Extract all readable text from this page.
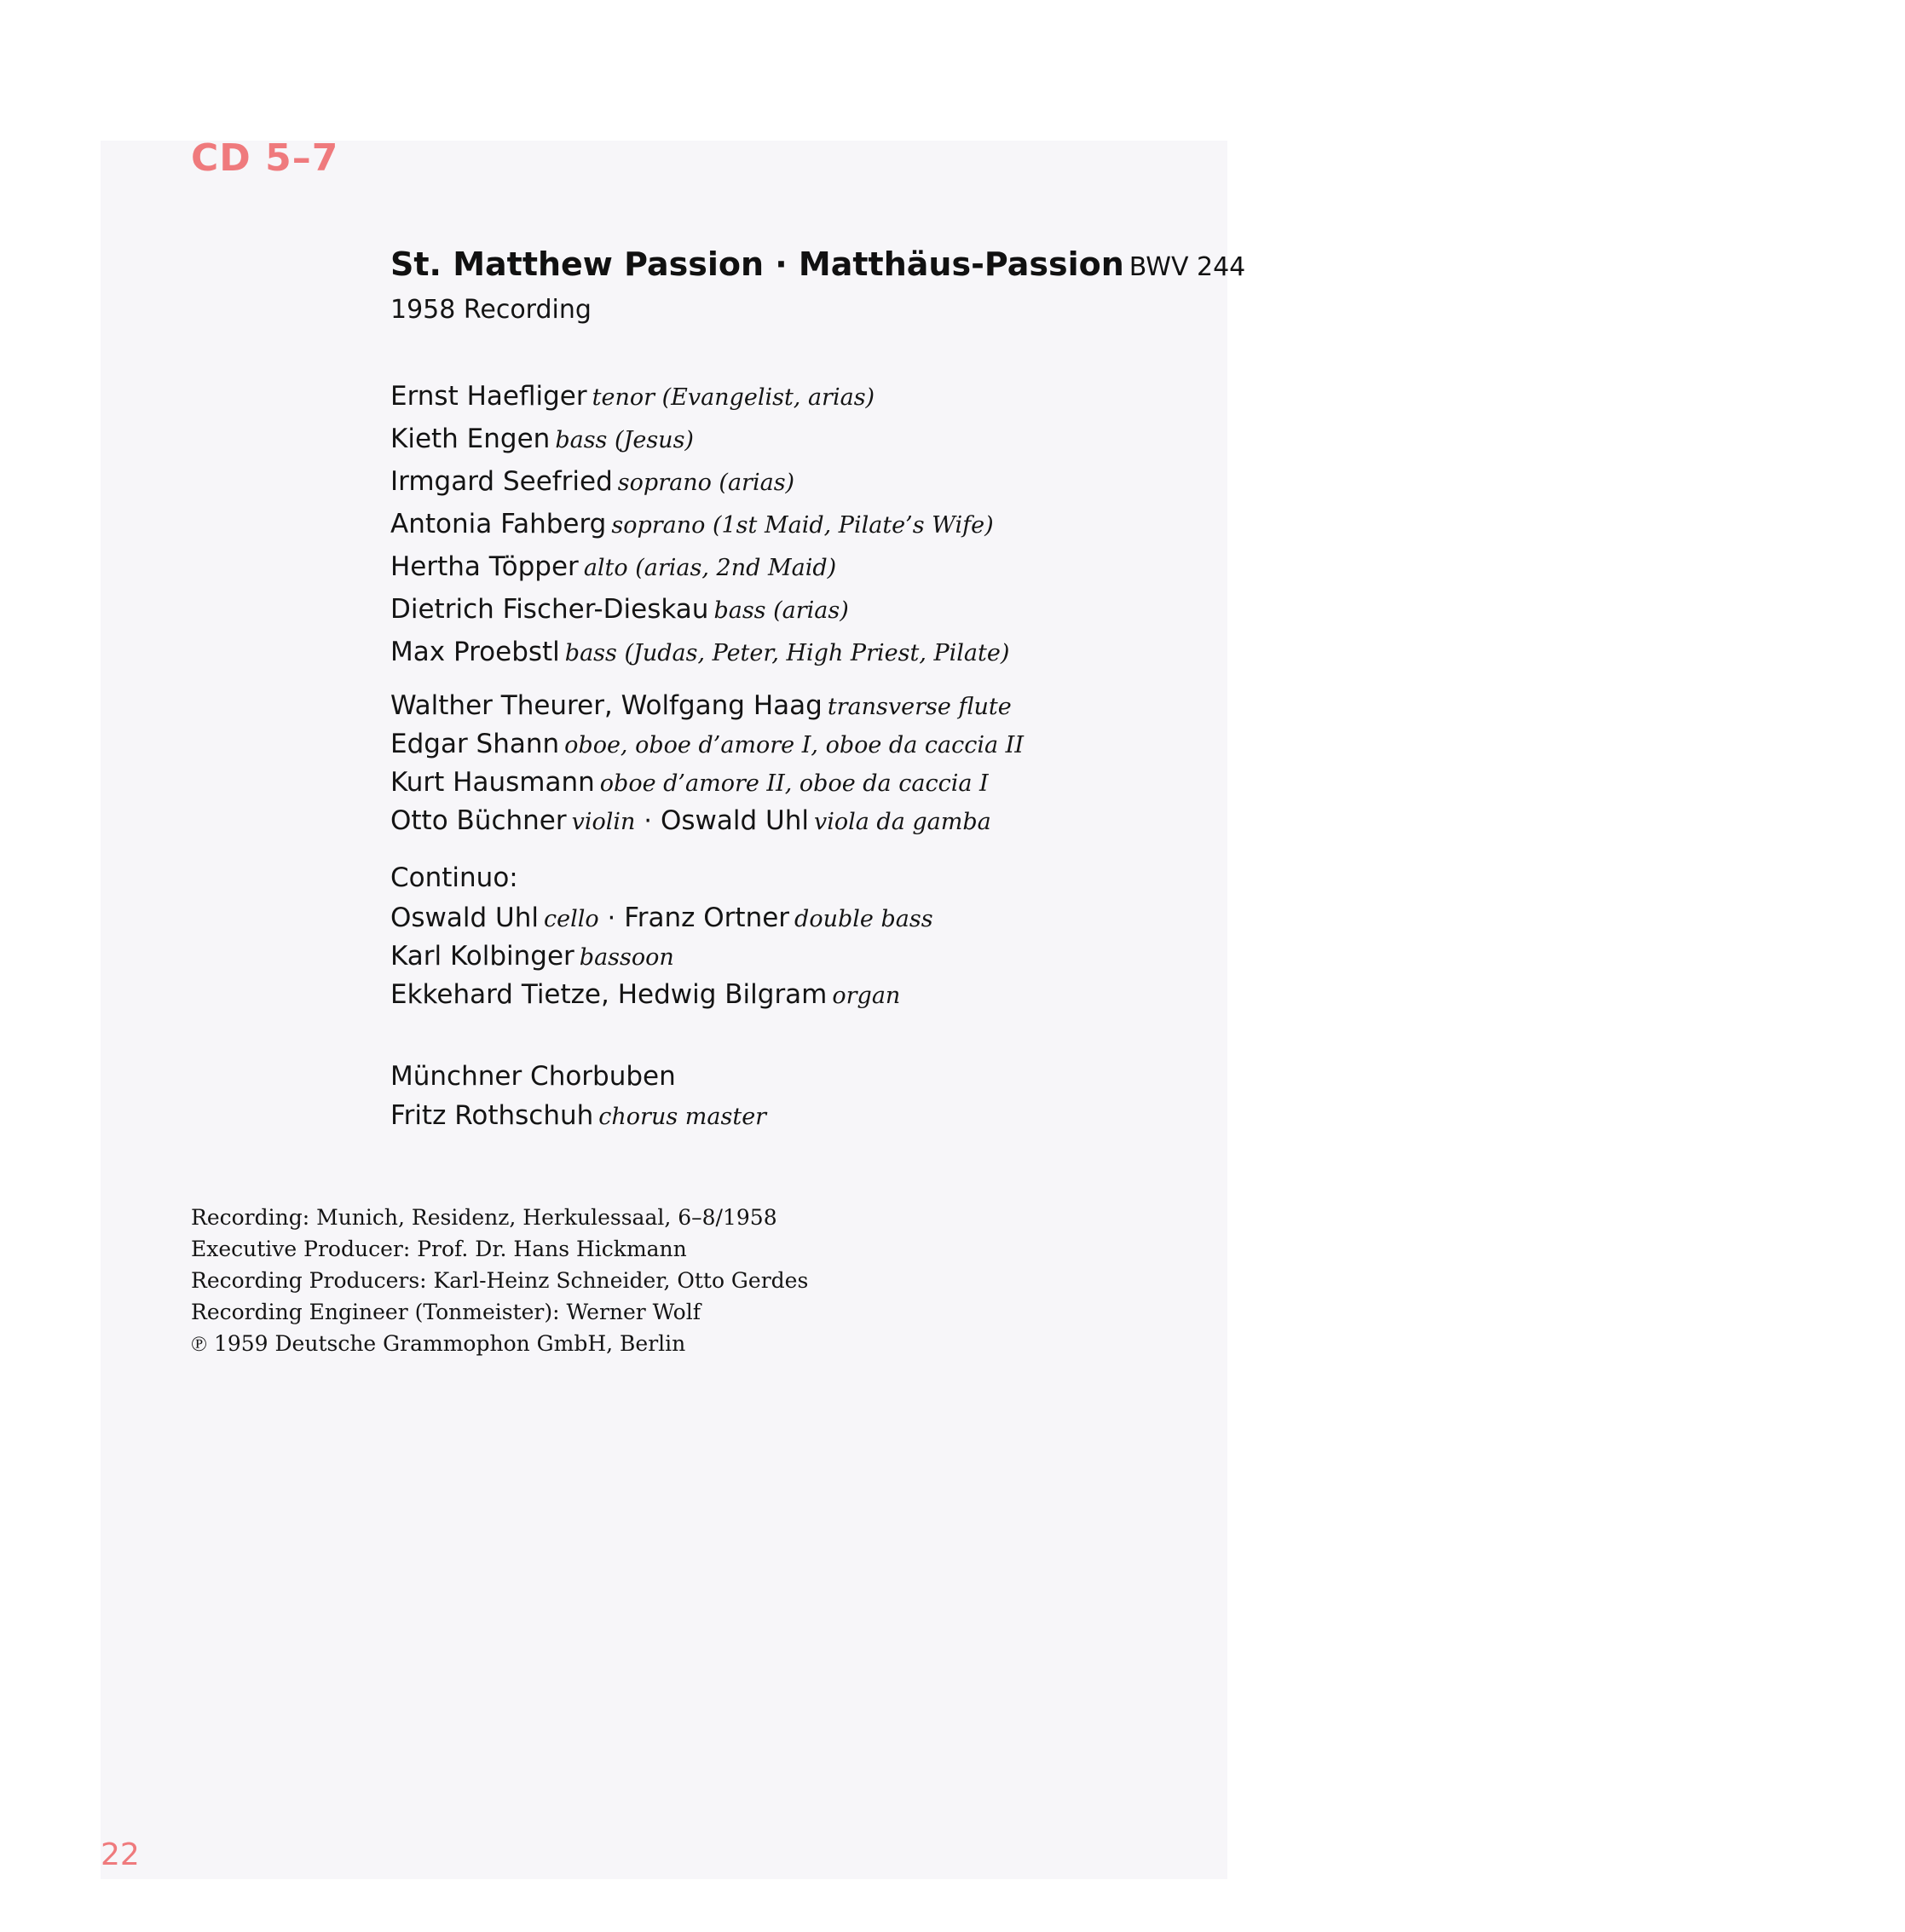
CD 5–7
St. Matthew Passion · Matthäus-Passion BWV 244
1958 Recording
Ernst Haefliger tenor (Evangelist, arias)
Kieth Engen bass (Jesus)
Irmgard Seefried soprano (arias)
Antonia Fahberg soprano (1st Maid, Pilate’s Wife)
Hertha Töpper alto (arias, 2nd Maid)
Dietrich Fischer-Dieskau bass (arias)
Max Proebstl bass (Judas, Peter, High Priest, Pilate)
Walther Theurer, Wolfgang Haag transverse flute
Edgar Shann oboe, oboe d’amore I, oboe da caccia II
Kurt Hausmann oboe d’amore II, oboe da caccia I
Otto Büchner violin · Oswald Uhl viola da gamba
Continuo:
Oswald Uhl cello · Franz Ortner double bass
Karl Kolbinger bassoon
Ekkehard Tietze, Hedwig Bilgram organ
Münchner Chorbuben
Fritz Rothschuh chorus master
Recording: Munich, Residenz, Herkulessaal, 6–8/1958
Executive Producer: Prof. Dr. Hans Hickmann
Recording Producers: Karl-Heinz Schneider, Otto Gerdes
Recording Engineer (Tonmeister): Werner Wolf
℗ 1959 Deutsche Grammophon GmbH, Berlin
22
